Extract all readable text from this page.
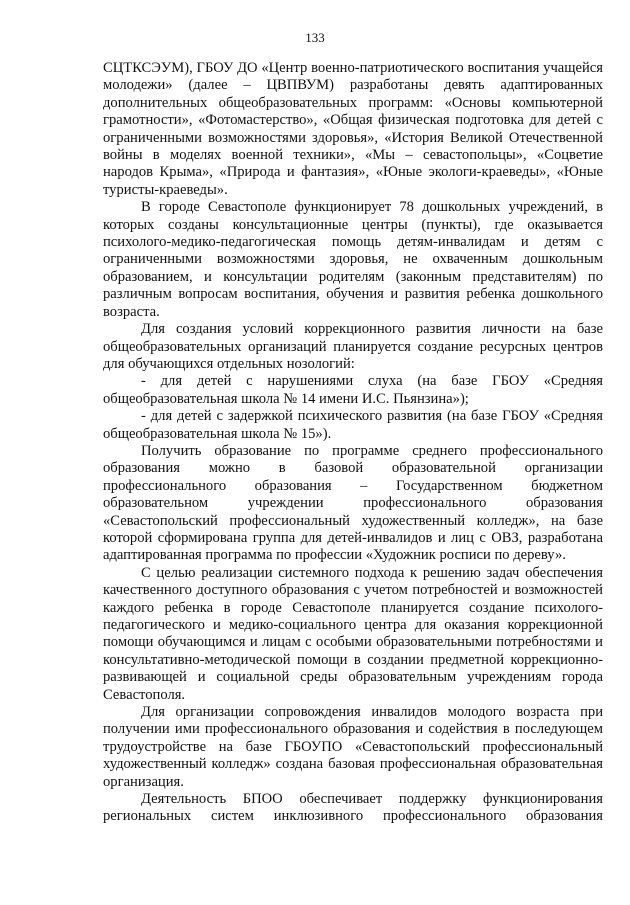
133

СЦТКСЭУМ), ГБОУ ДО «Центр военно-патриотического воспитания учащейся молодежи» (далее – ЦВПВУМ) разработаны девять адаптированных дополнительных общеобразовательных программ: «Основы компьютерной грамотности», «Фотомастерство», «Общая физическая подготовка для детей с ограниченными возможностями здоровья», «История Великой Отечественной войны в моделях военной техники», «Мы – севастопольцы», «Соцветие народов Крыма», «Природа и фантазия», «Юные экологи-краеведы», «Юные туристы-краеведы».

В городе Севастополе функционирует 78 дошкольных учреждений, в которых созданы консультационные центры (пункты), где оказывается психолого-медико-педагогическая помощь детям-инвалидам и детям с ограниченными возможностями здоровья, не охваченным дошкольным образованием, и консультации родителям (законным представителям) по различным вопросам воспитания, обучения и развития ребенка дошкольного возраста.

Для создания условий коррекционного развития личности на базе общеобразовательных организаций планируется создание ресурсных центров для обучающихся отдельных нозологий:

- для детей с нарушениями слуха (на базе ГБОУ «Средняя общеобразовательная школа № 14 имени И.С. Пьянзина»);

- для детей с задержкой психического развития (на базе ГБОУ «Средняя общеобразовательная школа № 15»).

Получить образование по программе среднего профессионального образования можно в базовой образовательной организации профессионального образования – Государственном бюджетном образовательном учреждении профессионального образования «Севастопольский профессиональный художественный колледж», на базе которой сформирована группа для детей-инвалидов и лиц с ОВЗ, разработана адаптированная программа по профессии «Художник росписи по дереву».

С целью реализации системного подхода к решению задач обеспечения качественного доступного образования с учетом потребностей и возможностей каждого ребенка в городе Севастополе планируется создание психолого-педагогического и медико-социального центра для оказания коррекционной помощи обучающимся и лицам с особыми образовательными потребностями и консультативно-методической помощи в создании предметной коррекционно-развивающей и социальной среды образовательным учреждениям города Севастополя.

Для организации сопровождения инвалидов молодого возраста при получении ими профессионального образования и содействия в последующем трудоустройстве на базе ГБОУПО «Севастопольский профессиональный художественный колледж» создана базовая профессиональная образовательная организация.

Деятельность БПОО обеспечивает поддержку функционирования региональных систем инклюзивного профессионального образования
